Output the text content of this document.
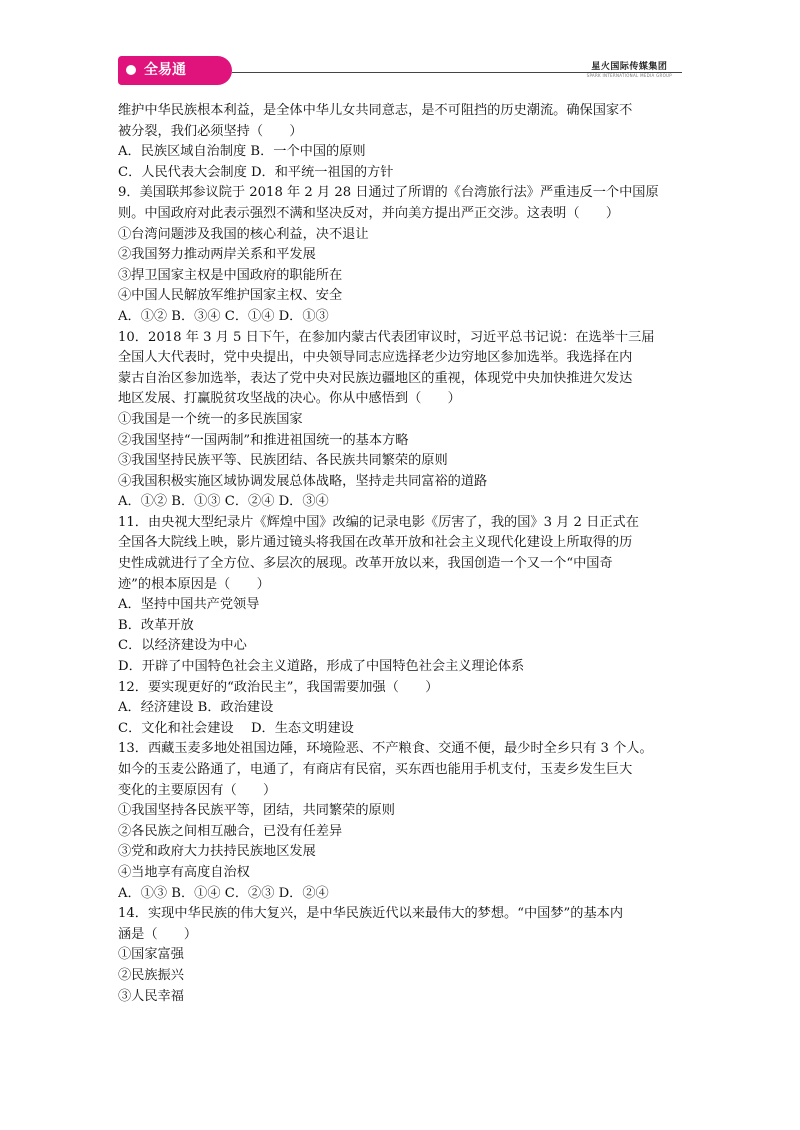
全易通	星火国际传媒集团
SPARK INTERNATIONAL MEDIA GROUP
维护中华民族根本利益，是全体中华儿女共同意志，是不可阻挡的历史潮流。确保国家不
被分裂，我们必须坚持（　　）
A．民族区域自治制度 B．一个中国的原则
C．人民代表大会制度 D．和平统一祖国的方针
9．美国联邦参议院于 2018 年 2 月 28 日通过了所谓的《台湾旅行法》严重违反一个中国原
则。中国政府对此表示强烈不满和坚决反对，并向美方提出严正交涉。这表明（　　）
①台湾问题涉及我国的核心利益，决不退让
②我国努力推动两岸关系和平发展
③捍卫国家主权是中国政府的职能所在
④中国人民解放军维护国家主权、安全
A．①② B．③④ C．①④ D．①③
10．2018 年 3 月 5 日下午，在参加内蒙古代表团审议时，习近平总书记说：在选举十三届
全国人大代表时，党中央提出，中央领导同志应选择老少边穷地区参加选举。我选择在内
蒙古自治区参加选举，表达了党中央对民族边疆地区的重视，体现党中央加快推进欠发达
地区发展、打赢脱贫攻坚战的决心。你从中感悟到（　　）
①我国是一个统一的多民族国家
②我国坚持“一国两制”和推进祖国统一的基本方略
③我国坚持民族平等、民族团结、各民族共同繁荣的原则
④我国积极实施区域协调发展总体战略，坚持走共同富裕的道路
A．①② B．①③ C．②④ D．③④
11．由央视大型纪录片《辉煌中国》改编的记录电影《厉害了，我的国》3 月 2 日正式在
全国各大院线上映，影片通过镜头将我国在改革开放和社会主义现代化建设上所取得的历
史性成就进行了全方位、多层次的展现。改革开放以来，我国创造一个又一个“中国奇
迹”的根本原因是（　　）
A．坚持中国共产党领导
B．改革开放
C．以经济建设为中心
D．开辟了中国特色社会主义道路，形成了中国特色社会主义理论体系
12．要实现更好的“政治民主”，我国需要加强（　　）
A．经济建设 B．政治建设
C．文化和社会建设　 D．生态文明建设
13．西藏玉麦多地处祖国边陲，环境险恶、不产粮食、交通不便，最少时全乡只有 3 个人。
如今的玉麦公路通了，电通了，有商店有民宿，买东西也能用手机支付，玉麦乡发生巨大
变化的主要原因有（　　）
①我国坚持各民族平等，团结，共同繁荣的原则
②各民族之间相互融合，已没有任差异
③党和政府大力扶持民族地区发展
④当地享有高度自治权
A．①③ B．①④ C．②③ D．②④
14．实现中华民族的伟大复兴，是中华民族近代以来最伟大的梦想。“中国梦”的基本内
涵是（　　）
①国家富强
②民族振兴
③人民幸福
